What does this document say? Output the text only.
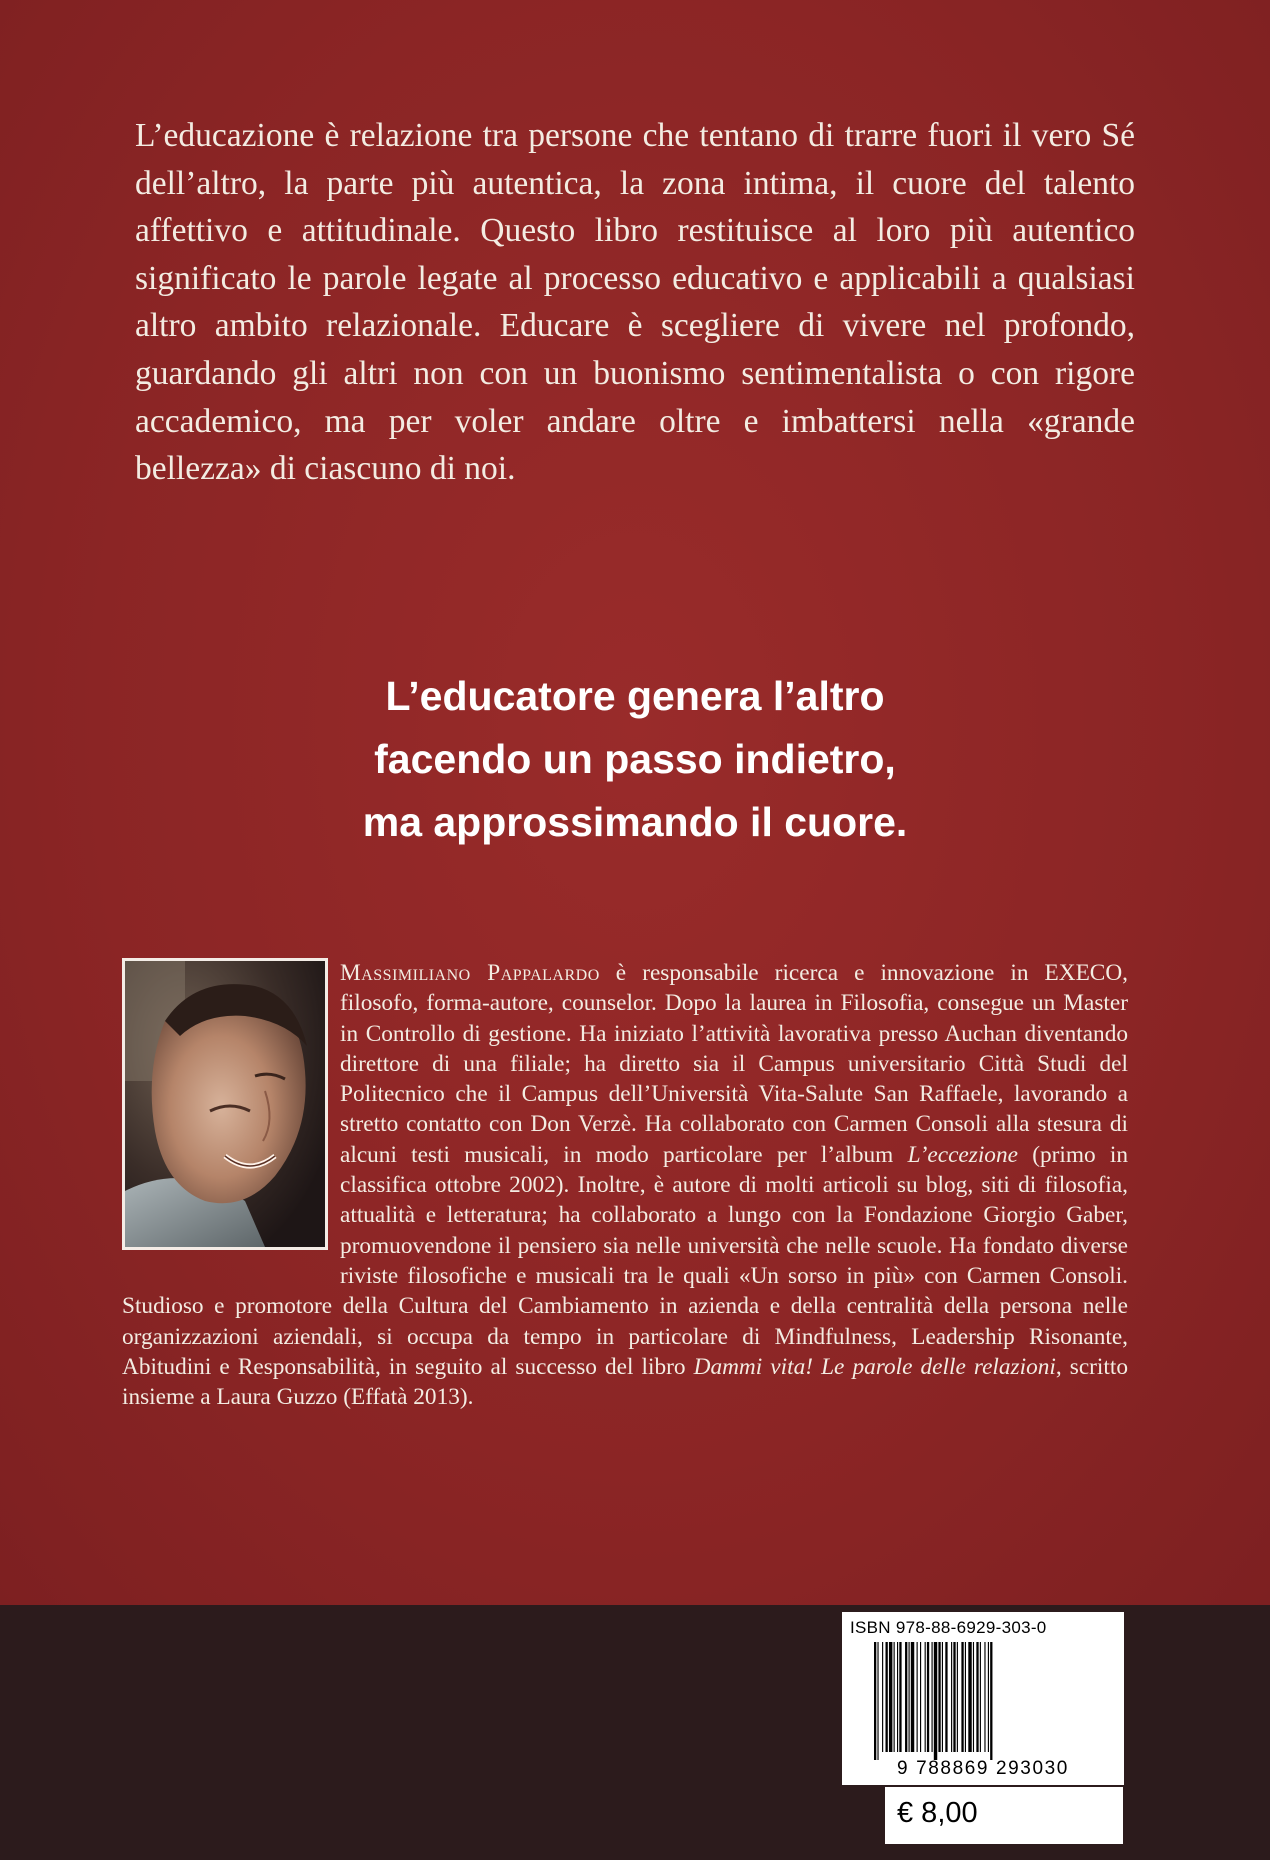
L’educazione è relazione tra persone che tentano di trarre fuori il vero Sé dell’altro, la parte più autentica, la zona intima, il cuore del talento affettivo e attitudinale. Questo libro restituisce al loro più autentico significato le parole legate al processo educativo e applicabili a qualsiasi altro ambito relazionale. Educare è scegliere di vivere nel profondo, guardando gli altri non con un buonismo sentimentalista o con rigore accademico, ma per voler andare oltre e imbattersi nella «grande bellezza» di ciascuno di noi.

L’educatore genera l’altro
facendo un passo indietro,
ma approssimando il cuore.

Massimiliano Pappalardo è responsabile ricerca e innovazione in EXECO, filosofo, forma-autore, counselor. Dopo la laurea in Filosofia, consegue un Master in Controllo di gestione. Ha iniziato l’attività lavorativa presso Auchan diventando direttore di una filiale; ha diretto sia il Campus universitario Città Studi del Politecnico che il Campus dell’Università Vita-Salute San Raffaele, lavorando a stretto contatto con Don Verzè. Ha collaborato con Carmen Consoli alla stesura di alcuni testi musicali, in modo particolare per l’album L’eccezione (primo in classifica ottobre 2002). Inoltre, è autore di molti articoli su blog, siti di filosofia, attualità e letteratura; ha collaborato a lungo con la Fondazione Giorgio Gaber, promuovendone il pensiero sia nelle università che nelle scuole. Ha fondato diverse riviste filosofiche e musicali tra le quali «Un sorso in più» con Carmen Consoli. Studioso e promotore della Cultura del Cambiamento in azienda e della centralità della persona nelle organizzazioni aziendali, si occupa da tempo in particolare di Mindfulness, Leadership Risonante, Abitudini e Responsabilità, in seguito al successo del libro Dammi vita! Le parole delle relazioni, scritto insieme a Laura Guzzo (Effatà 2013).

ISBN 978-88-6929-303-0
9 788869 293030
€ 8,00
